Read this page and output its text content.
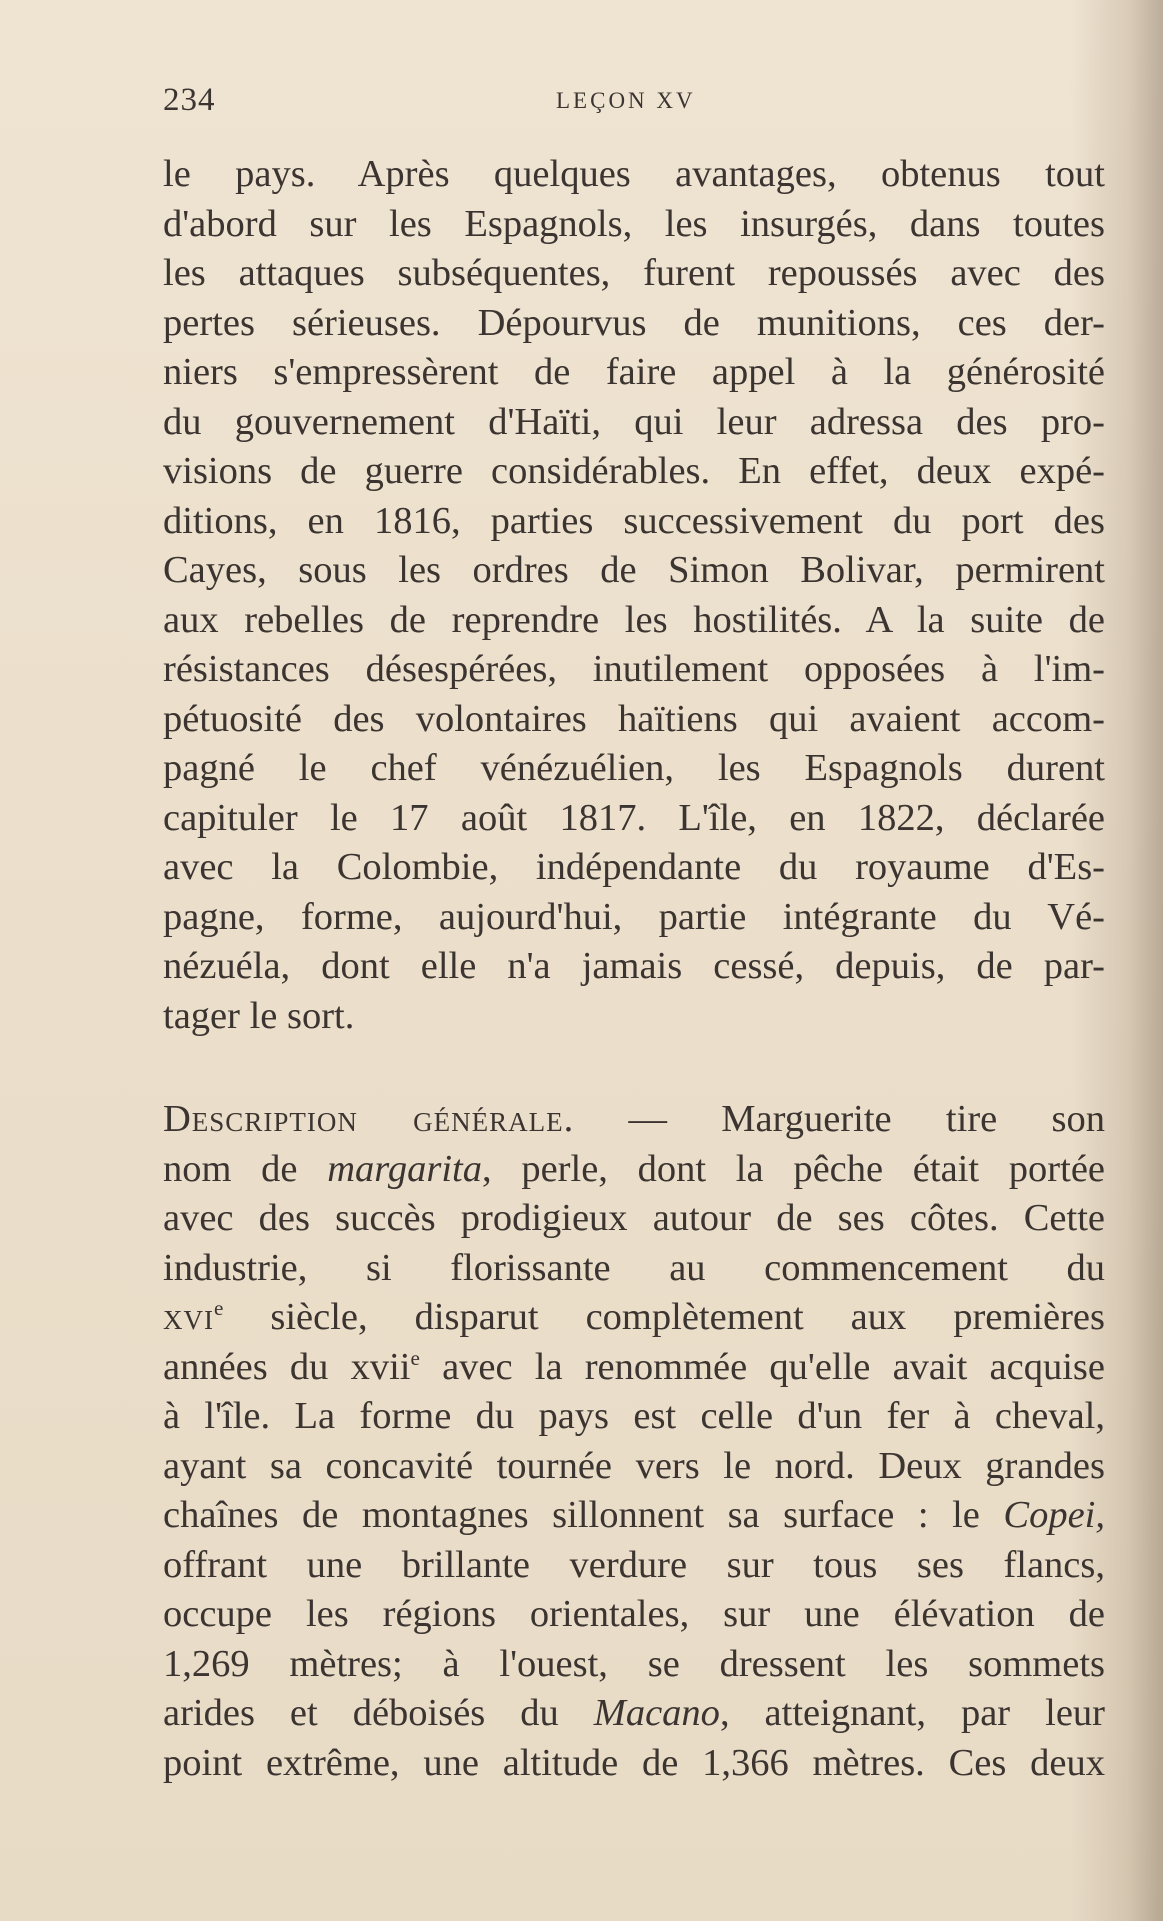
234	LEÇON XV
le pays. Après quelques avantages, obtenus tout
d'abord sur les Espagnols, les insurgés, dans toutes
les attaques subséquentes, furent repoussés avec des
pertes sérieuses. Dépourvus de munitions, ces der-
niers s'empressèrent de faire appel à la générosité
du gouvernement d'Haïti, qui leur adressa des pro-
visions de guerre considérables. En effet, deux expé-
ditions, en 1816, parties successivement du port des
Cayes, sous les ordres de Simon Bolivar, permirent
aux rebelles de reprendre les hostilités. A la suite de
résistances désespérées, inutilement opposées à l'im-
pétuosité des volontaires haïtiens qui avaient accom-
pagné le chef vénézuélien, les Espagnols durent
capituler le 17 août 1817. L'île, en 1822, déclarée
avec la Colombie, indépendante du royaume d'Es-
pagne, forme, aujourd'hui, partie intégrante du Vé-
nézuéla, dont elle n'a jamais cessé, depuis, de par-
tager le sort.
Description générale. — Marguerite tire son
nom de margarita, perle, dont la pêche était portée
avec des succès prodigieux autour de ses côtes. Cette
industrie, si florissante au commencement du
xvi$^e$ siècle, disparut complètement aux premières
années du xvii$^e$ avec la renommée qu'elle avait acquise
à l'île. La forme du pays est celle d'un fer à cheval,
ayant sa concavité tournée vers le nord. Deux grandes
chaînes de montagnes sillonnent sa surface : le Copei,
offrant une brillante verdure sur tous ses flancs,
occupe les régions orientales, sur une élévation de
1,269 mètres; à l'ouest, se dressent les sommets
arides et déboisés du Macano, atteignant, par leur
point extrême, une altitude de 1,366 mètres. Ces deux
